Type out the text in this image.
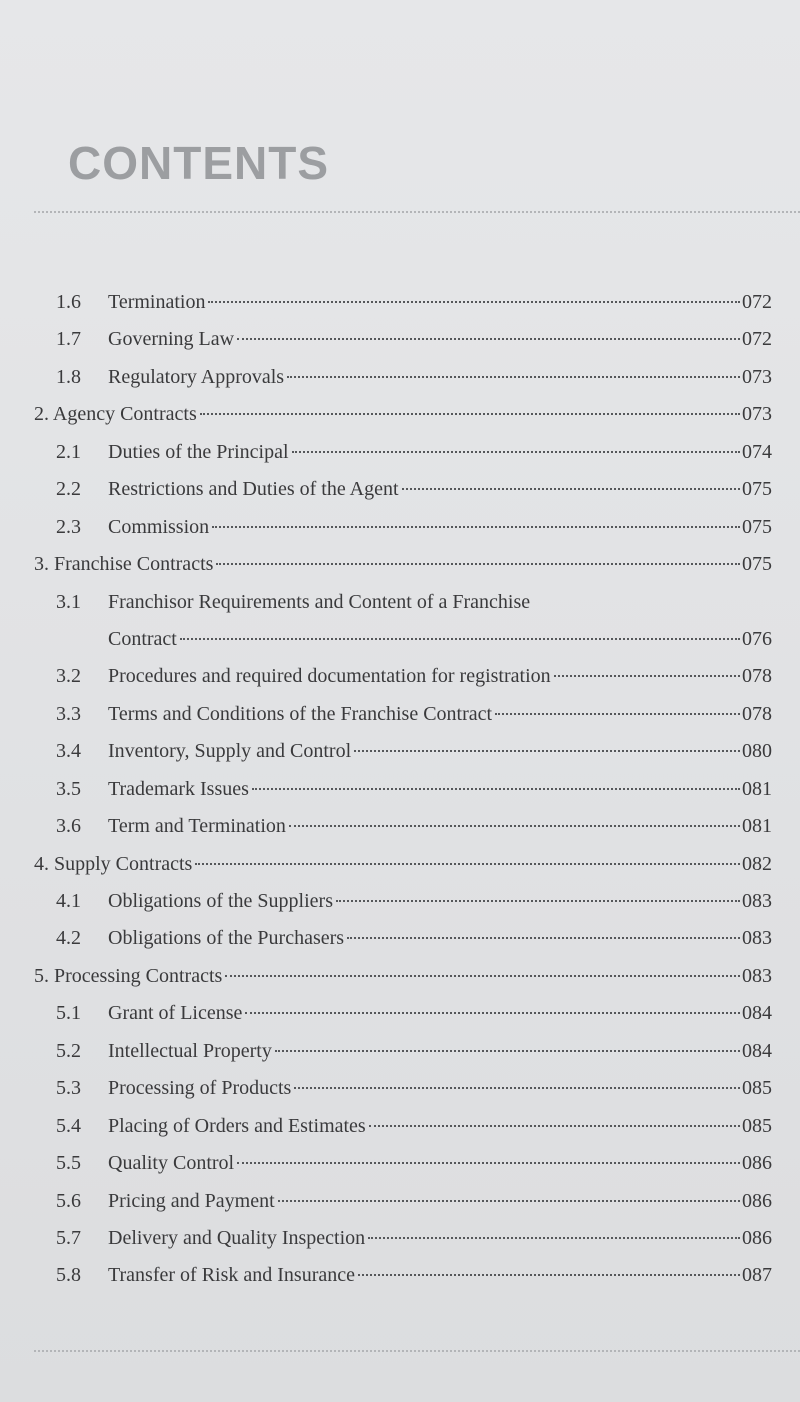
CONTENTS
1.6 Termination	072
1.7 Governing Law	072
1.8 Regulatory Approvals	073
2. Agency Contracts	073
2.1 Duties of the Principal	074
2.2 Restrictions and Duties of the Agent	075
2.3 Commission	075
3. Franchise Contracts	075
3.1 Franchisor Requirements and Content of a Franchise
Contract	076
3.2 Procedures and required documentation for registration	078
3.3 Terms and Conditions of the Franchise Contract	078
3.4 Inventory, Supply and Control	080
3.5 Trademark Issues	081
3.6 Term and Termination	081
4. Supply Contracts	082
4.1 Obligations of the Suppliers	083
4.2 Obligations of the Purchasers	083
5. Processing Contracts	083
5.1 Grant of License	084
5.2 Intellectual Property	084
5.3 Processing of Products	085
5.4 Placing of Orders and Estimates	085
5.5 Quality Control	086
5.6 Pricing and Payment	086
5.7 Delivery and Quality Inspection	086
5.8 Transfer of Risk and Insurance	087
